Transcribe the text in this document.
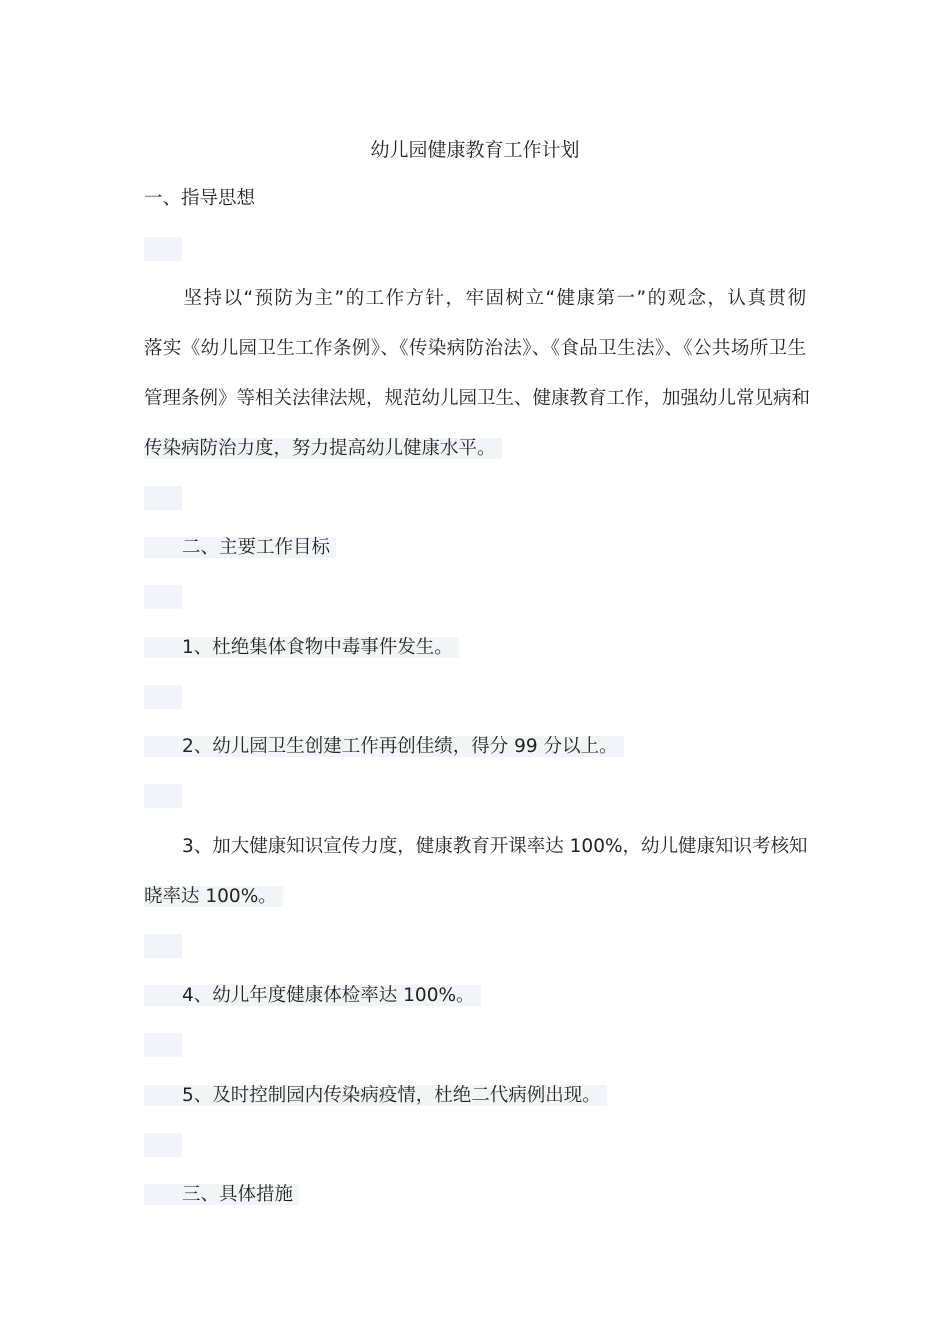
幼儿园健康教育工作计划
一、指导思想
坚持以“预防为主”的工作方针，牢固树立“健康第一”的观念，认真贯彻
落实《幼儿园卫生工作条例》、《传染病防治法》、《食品卫生法》、《公共场所卫生
管理条例》等相关法律法规，规范幼儿园卫生、健康教育工作，加强幼儿常见病和
传染病防治力度，努力提高幼儿健康水平。
二、主要工作目标
1、杜绝集体食物中毒事件发生。
2、幼儿园卫生创建工作再创佳绩，得分 99 分以上。
3、加大健康知识宣传力度，健康教育开课率达 100%，幼儿健康知识考核知
晓率达 100%。
4、幼儿年度健康体检率达 100%。
5、及时控制园内传染病疫情，杜绝二代病例出现。
三、具体措施
